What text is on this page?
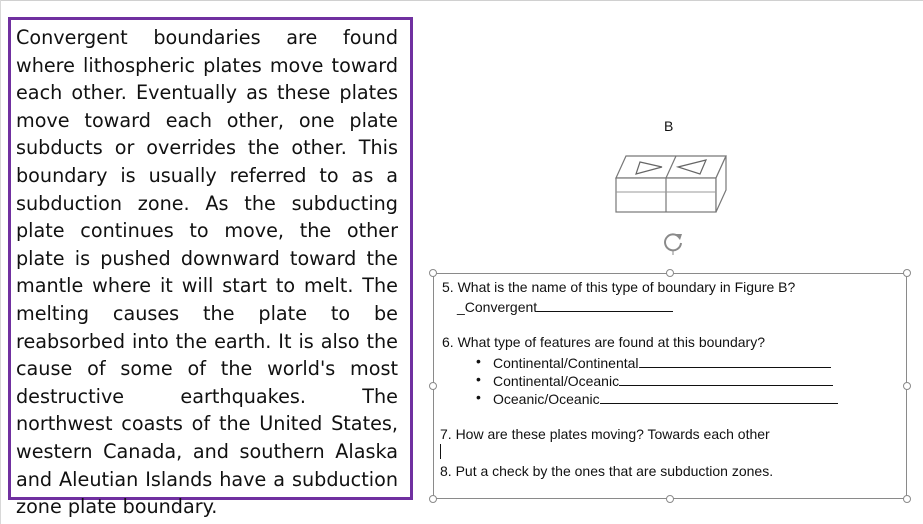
Convergent boundaries are found where lithospheric plates move toward each other. Eventually as these plates move toward each other, one plate subducts or overrides the other. This boundary is usually referred to as a subduction zone. As the subducting plate continues to move, the other plate is pushed downward toward the mantle where it will start to melt. The melting causes the plate to be reabsorbed into the earth. It is also the cause of some of the world's most destructive earthquakes. The northwest coasts of the United States, western Canada, and southern Alaska and Aleutian Islands have a subduction zone plate boundary.

B
5. What is the name of this type of boundary in Figure B?
_Convergent
6. What type of features are found at this boundary?
• Continental/Continental
• Continental/Oceanic
• Oceanic/Oceanic
7. How are these plates moving? Towards each other
8. Put a check by the ones that are subduction zones.
